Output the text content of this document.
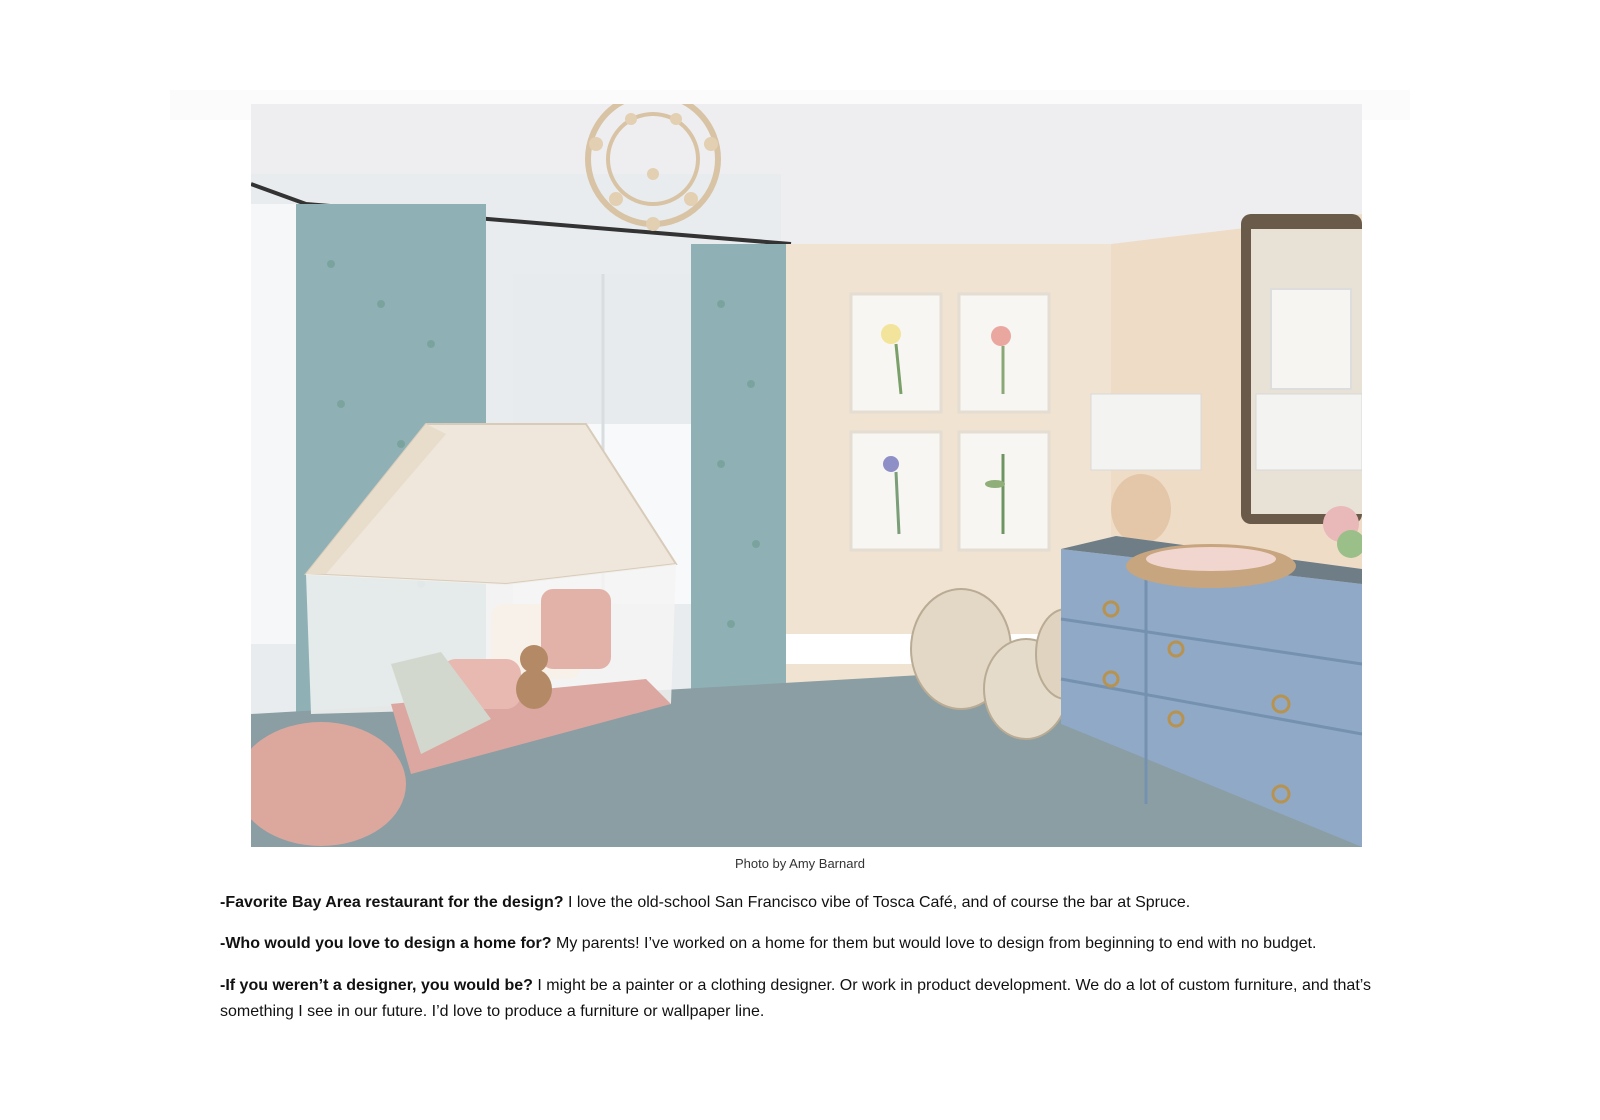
Photo by Amy Barnard
-Favorite Bay Area restaurant for the design? I love the old-school San Francisco vibe of Tosca Café, and of course the bar at Spruce.
-Who would you love to design a home for? My parents! I’ve worked on a home for them but would love to design from beginning to end with no budget.
-If you weren’t a designer, you would be? I might be a painter or a clothing designer. Or work in product development. We do a lot of custom furniture, and that’s something I see in our future. I’d love to produce a furniture or wallpaper line.
